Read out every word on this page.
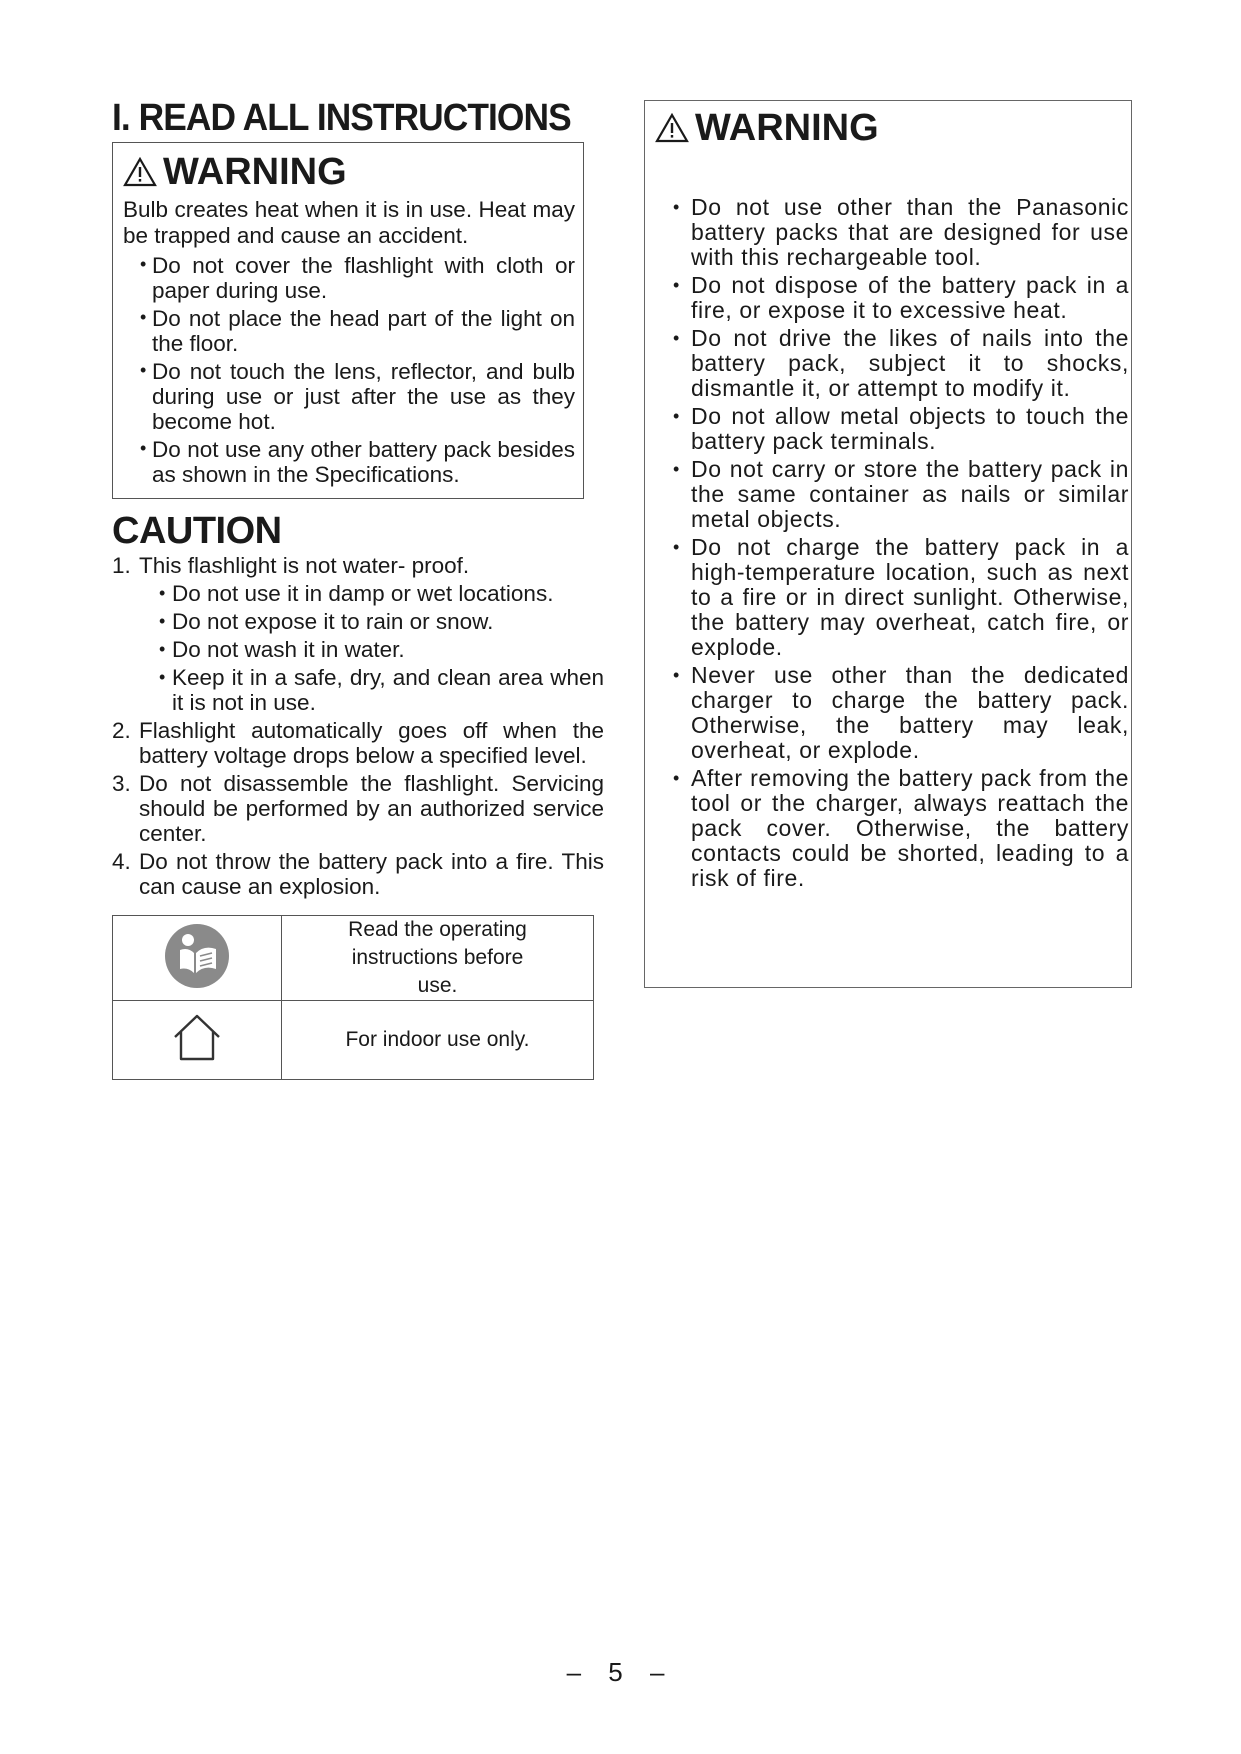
I. READ ALL INSTRUCTIONS
WARNING

Bulb creates heat when it is in use. Heat may be trapped and cause an accident.

• Do not cover the flashlight with cloth or paper during use.
• Do not place the head part of the light on the floor.
• Do not touch the lens, reflector, and bulb during use or just after the use as they become hot.
• Do not use any other battery pack besides as shown in the Specifications.
CAUTION
1. This flashlight is not water- proof.
• Do not use it in damp or wet locations.
• Do not expose it to rain or snow.
• Do not wash it in water.
• Keep it in a safe, dry, and clean area when it is not in use.
2. Flashlight automatically goes off when the battery voltage drops below a specified level.
3. Do not disassemble the flashlight. Servicing should be performed by an authorized service center.
4. Do not throw the battery pack into a fire. This can cause an explosion.
	Read the operating instructions before use.
	For indoor use only.
WARNING
• Do not use other than the Panasonic battery packs that are designed for use with this rechargeable tool.
• Do not dispose of the battery pack in a fire, or expose it to excessive heat.
• Do not drive the likes of nails into the battery pack, subject it to shocks, dismantle it, or attempt to modify it.
• Do not allow metal objects to touch the battery pack terminals.
• Do not carry or store the battery pack in the same container as nails or similar metal objects.
• Do not charge the battery pack in a high-temperature location, such as next to a fire or in direct sunlight. Otherwise, the battery may overheat, catch fire, or explode.
• Never use other than the dedicated charger to charge the battery pack. Otherwise, the battery may leak, overheat, or explode.
• After removing the battery pack from the tool or the charger, always reattach the pack cover. Otherwise, the battery contacts could be shorted, leading to a risk of fire.
– 5 –
